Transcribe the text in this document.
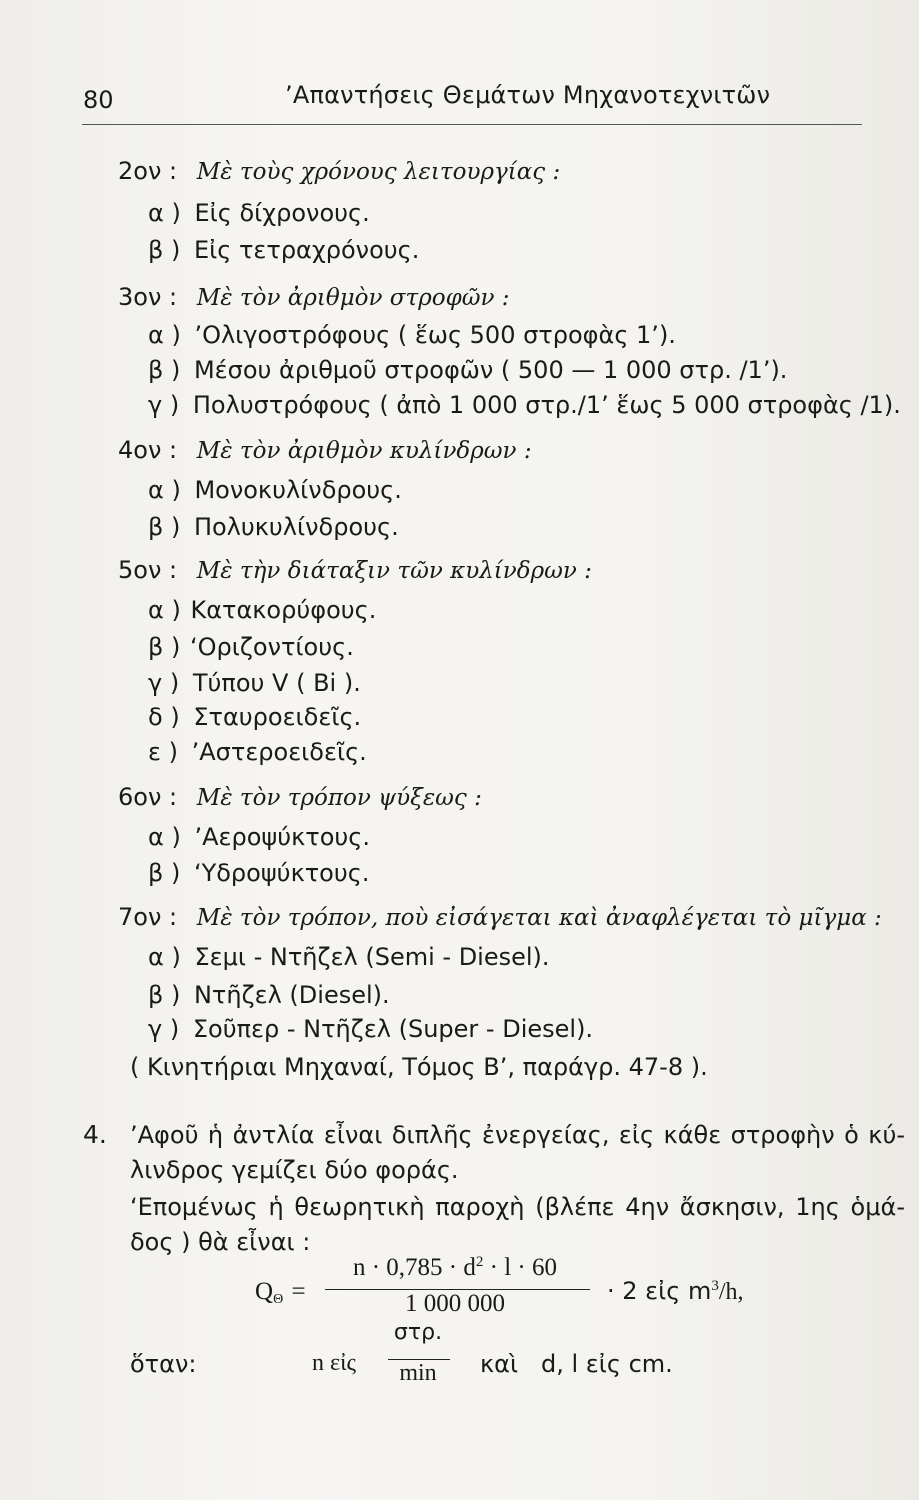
80	’Απαντήσεις Θεμάτων Μηχανοτεχνιτῶν
2ον : Μὲ τοὺς χρόνους λειτουργίας :
α ) Εἰς δίχρονους.
β ) Εἰς τετραχρόνους.
3ον : Μὲ τὸν ἀριθμὸν στροφῶν :
α ) ’Ολιγοστρόφους ( ἕως 500 στροφὰς 1’).
β ) Μέσου ἀριθμοῦ στροφῶν ( 500 — 1 000 στρ. /1’).
γ ) Πολυστρόφους ( ἀπὸ 1 000 στρ./1’ ἕως 5 000 στροφὰς /1).
4ον : Μὲ τὸν ἀριθμὸν κυλίνδρων :
α ) Μονοκυλίνδρους.
β ) Πολυκυλίνδρους.
5ον : Μὲ τὴν διάταξιν τῶν κυλίνδρων :
α ) Κατακορύφους.
β ) ‘Οριζοντίους.
γ ) Τύπου V ( Bi ).
δ ) Σταυροειδεῖς.
ε ) ’Αστεροειδεῖς.
6ον : Μὲ τὸν τρόπον ψύξεως :
α ) ’Αεροψύκτους.
β ) ‘Υδροψύκτους.
7ον : Μὲ τὸν τρόπον, ποὺ εἰσάγεται καὶ ἀναφλέγεται τὸ μῖγμα :
α ) Σεμι - Ντῆζελ (Semi - Diesel).
β ) Ντῆζελ (Diesel).
γ ) Σοῦπερ - Ντῆζελ (Super - Diesel).
( Κινητήριαι Μηχαναί, Τόμος Β’, παράγρ. 47-8 ).
4. ’Αφοῦ ἡ ἀντλία εἶναι διπλῆς ἐνεργείας, εἰς κάθε στροφὴν ὁ κύ-
λινδρος γεμίζει δύο φοράς.
‘Επομένως ἡ θεωρητικὴ παροχὴ (βλέπε 4ην ἄσκησιν, 1ης ὁμά-
δος ) θὰ εἶναι :
$Q_\Theta$ =
$n \cdot 0,785 \cdot d^2 \cdot l \cdot 60$
1 000 000	· 2 εἰς $m^3/h$,
ὅταν:	n εἰς
στρ.
min	καὶ   d, l εἰς cm.
